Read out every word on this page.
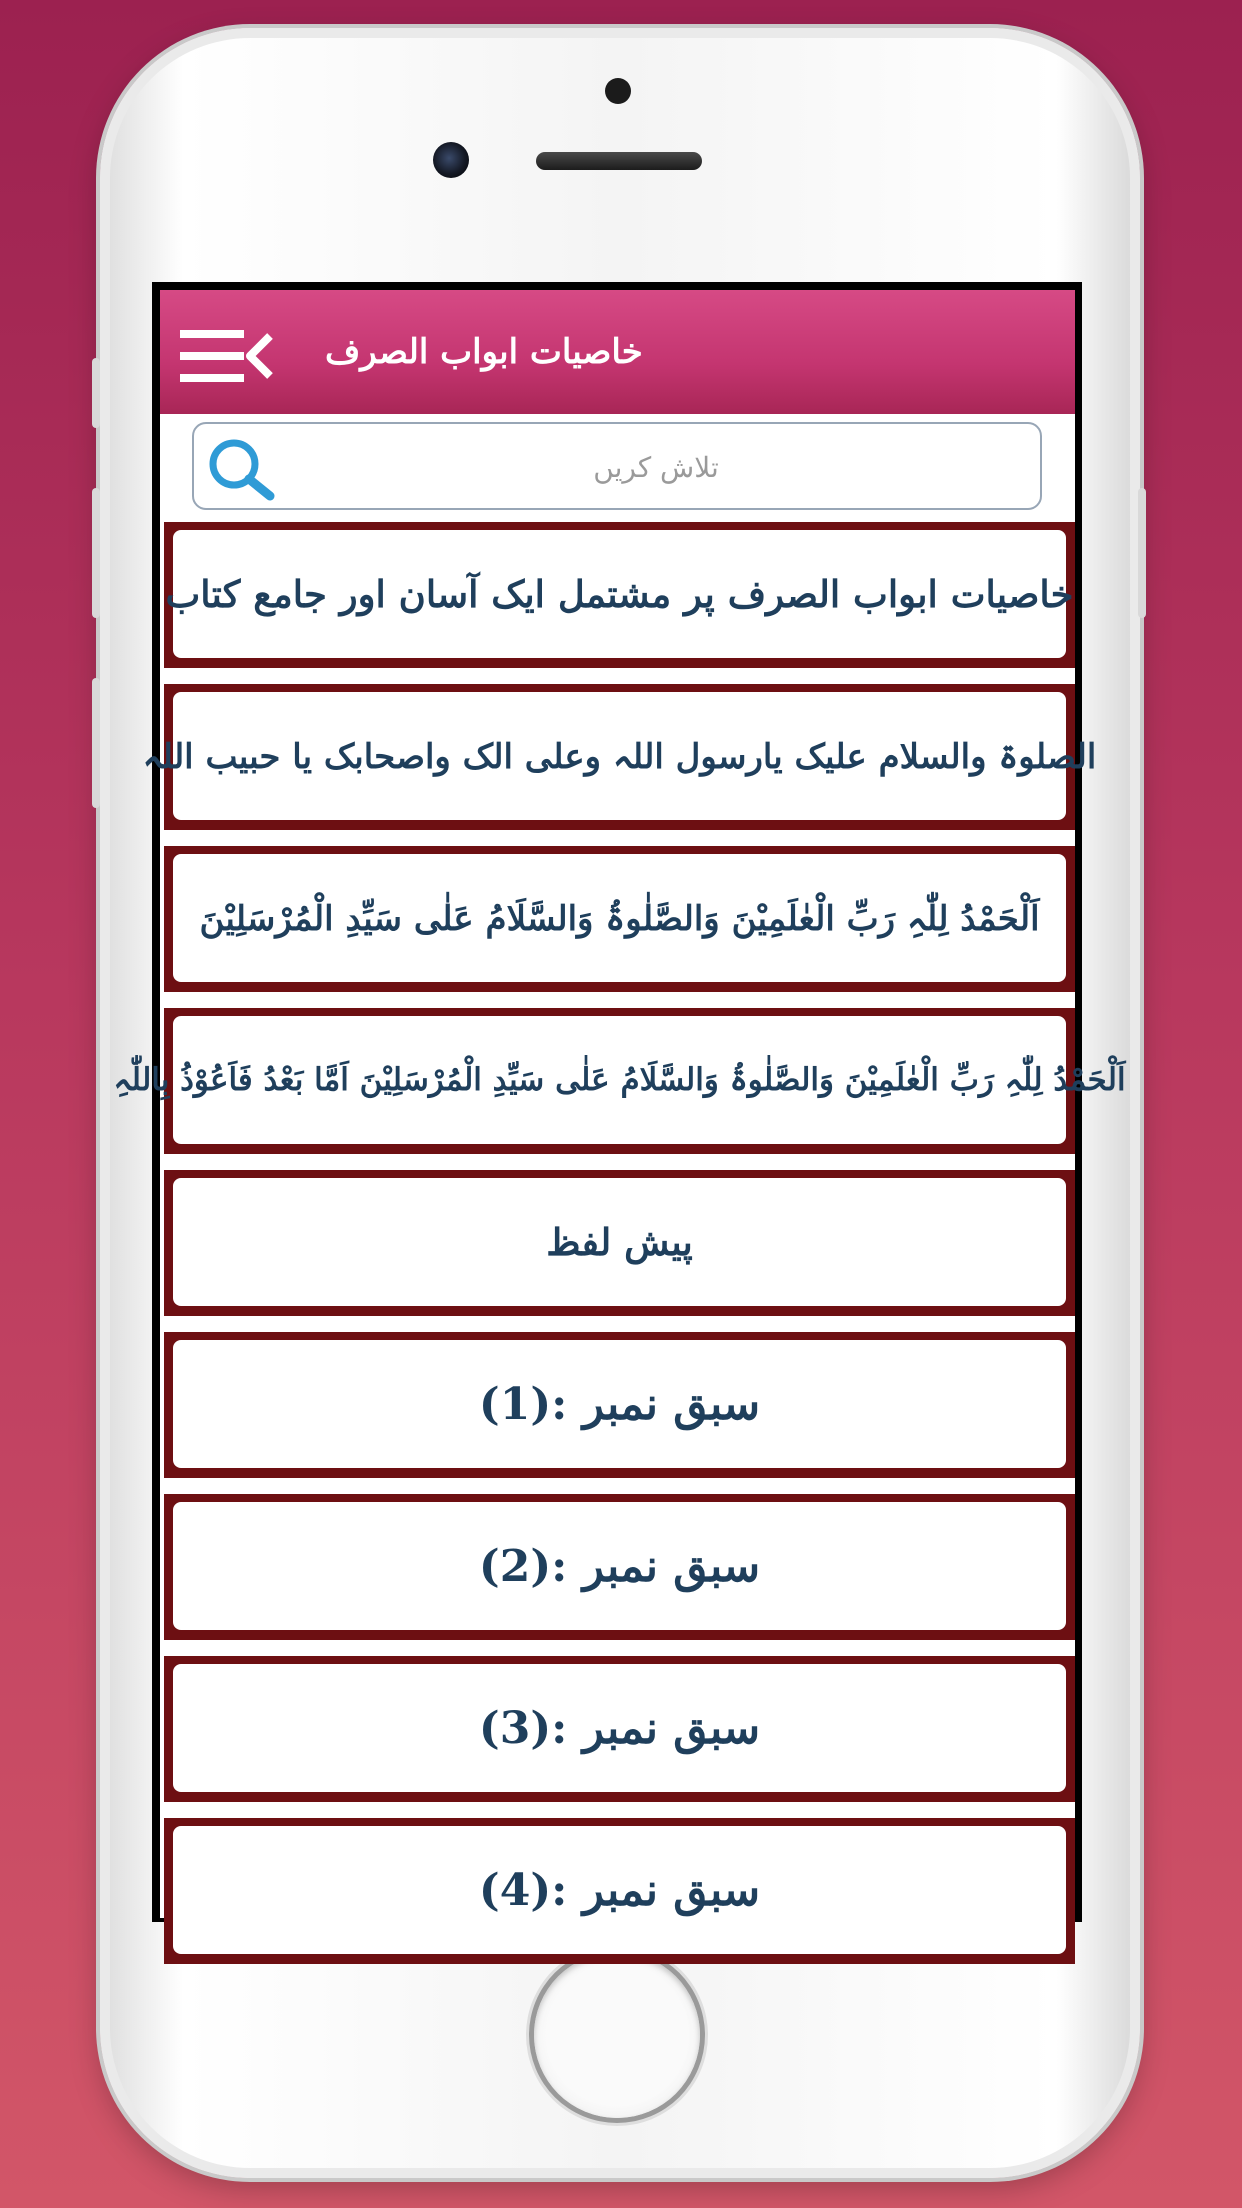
خاصیات ابواب الصرف
تلاش کریں
خاصیات ابواب الصرف پر مشتمل ایک آسان اور جامع کتاب
الصلوۃ والسلام علیک یارسول اللہ وعلی الک واصحابک یا حبیب اللہ
اَلْحَمْدُ لِلّٰہِ رَبِّ الْعٰلَمِیْنَ وَالصَّلٰوۃُ وَالسَّلَامُ عَلٰی سَیِّدِ الْمُرْسَلِیْنَ
اَلْحَمْدُ لِلّٰہِ رَبِّ الْعٰلَمِیْنَ وَالصَّلٰوۃُ وَالسَّلَامُ عَلٰی سَیِّدِ الْمُرْسَلِیْنَ اَمَّا بَعْدُ فَاَعُوْذُ بِاللّٰہِ
پیش لفظ
سبق نمبر :(1)
سبق نمبر :(2)
سبق نمبر :(3)
سبق نمبر :(4)
